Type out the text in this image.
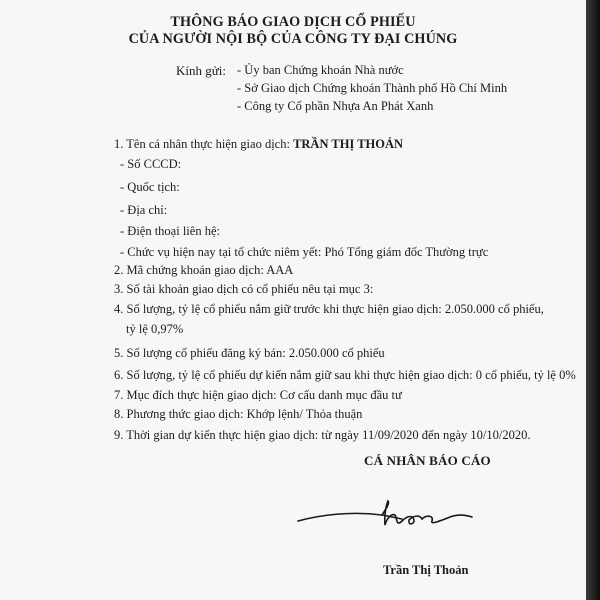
THÔNG BÁO GIAO DỊCH CỔ PHIẾU
CỦA NGƯỜI NỘI BỘ CỦA CÔNG TY ĐẠI CHÚNG
Kính gửi: - Ủy ban Chứng khoán Nhà nước
- Sở Giao dịch Chứng khoán Thành phố Hồ Chí Minh
- Công ty Cổ phần Nhựa An Phát Xanh
1. Tên cá nhân thực hiện giao dịch: TRẦN THỊ THOẢN
- Số CCCD:
- Quốc tịch:
- Địa chỉ:
- Điện thoại liên hệ:
- Chức vụ hiện nay tại tổ chức niêm yết: Phó Tổng giám đốc Thường trực
2. Mã chứng khoán giao dịch: AAA
3. Số tài khoản giao dịch có cổ phiếu nêu tại mục 3:
4. Số lượng, tỷ lệ cổ phiếu nắm giữ trước khi thực hiện giao dịch: 2.050.000 cổ phiếu,
tỷ lệ 0,97%
5. Số lượng cổ phiếu đăng ký bán: 2.050.000 cổ phiếu
6. Số lượng, tỷ lệ cổ phiếu dự kiến nắm giữ sau khi thực hiện giao dịch: 0 cổ phiếu, tỷ lệ 0%
7. Mục đích thực hiện giao dịch: Cơ cấu danh mục đầu tư
8. Phương thức giao dịch: Khớp lệnh/ Thỏa thuận
9. Thời gian dự kiến thực hiện giao dịch: từ ngày 11/09/2020 đến ngày 10/10/2020.
CÁ NHÂN BÁO CÁO
Trần Thị Thoản
